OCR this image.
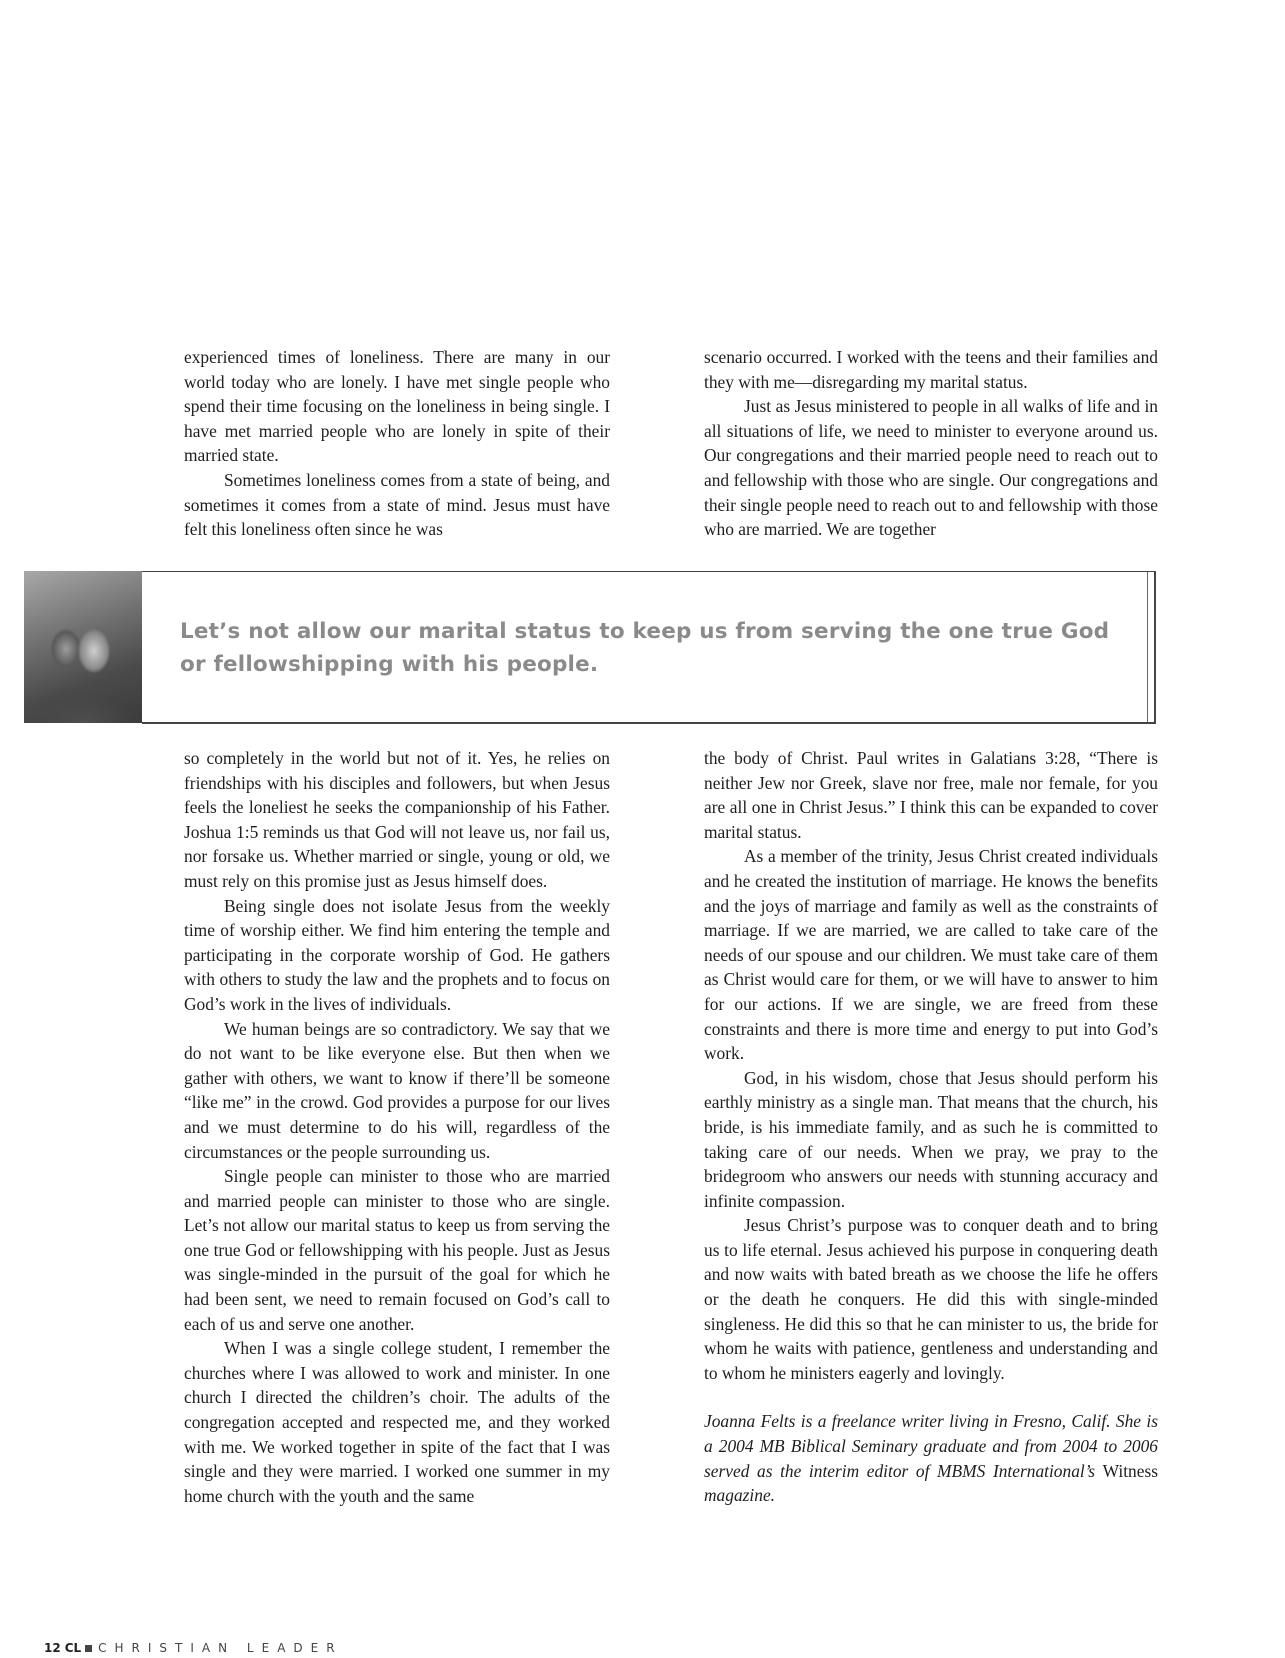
experienced times of loneliness. There are many in our world today who are lonely. I have met single people who spend their time focusing on the loneliness in being single. I have met married people who are lonely in spite of their married state.

Sometimes loneliness comes from a state of being, and sometimes it comes from a state of mind. Jesus must have felt this loneliness often since he was

scenario occurred. I worked with the teens and their families and they with me—disregarding my marital status.

Just as Jesus ministered to people in all walks of life and in all situations of life, we need to minister to everyone around us. Our congregations and their married people need to reach out to and fellowship with those who are single. Our congregations and their single people need to reach out to and fellowship with those who are married. We are together

Let’s not allow our marital status to keep us from serving the one true God or fellowshipping with his people.

so completely in the world but not of it. Yes, he relies on friendships with his disciples and followers, but when Jesus feels the loneliest he seeks the companionship of his Father. Joshua 1:5 reminds us that God will not leave us, nor fail us, nor forsake us. Whether married or single, young or old, we must rely on this promise just as Jesus himself does.

Being single does not isolate Jesus from the weekly time of worship either. We find him entering the temple and participating in the corporate worship of God. He gathers with others to study the law and the prophets and to focus on God’s work in the lives of individuals.

We human beings are so contradictory. We say that we do not want to be like everyone else. But then when we gather with others, we want to know if there’ll be someone “like me” in the crowd. God provides a purpose for our lives and we must determine to do his will, regardless of the circumstances or the people surrounding us.

Single people can minister to those who are married and married people can minister to those who are single. Let’s not allow our marital status to keep us from serving the one true God or fellowshipping with his people. Just as Jesus was single-minded in the pursuit of the goal for which he had been sent, we need to remain focused on God’s call to each of us and serve one another.

When I was a single college student, I remember the churches where I was allowed to work and minister. In one church I directed the children’s choir. The adults of the congregation accepted and respected me, and they worked with me. We worked together in spite of the fact that I was single and they were married. I worked one summer in my home church with the youth and the same

the body of Christ. Paul writes in Galatians 3:28, “There is neither Jew nor Greek, slave nor free, male nor female, for you are all one in Christ Jesus.” I think this can be expanded to cover marital status.

As a member of the trinity, Jesus Christ created individuals and he created the institution of marriage. He knows the benefits and the joys of marriage and family as well as the constraints of marriage. If we are married, we are called to take care of the needs of our spouse and our children. We must take care of them as Christ would care for them, or we will have to answer to him for our actions. If we are single, we are freed from these constraints and there is more time and energy to put into God’s work.

God, in his wisdom, chose that Jesus should perform his earthly ministry as a single man. That means that the church, his bride, is his immediate family, and as such he is committed to taking care of our needs. When we pray, we pray to the bridegroom who answers our needs with stunning accuracy and infinite compassion.

Jesus Christ’s purpose was to conquer death and to bring us to life eternal. Jesus achieved his purpose in conquering death and now waits with bated breath as we choose the life he offers or the death he conquers. He did this with single-minded singleness. He did this so that he can minister to us, the bride for whom he waits with patience, gentleness and understanding and to whom he ministers eagerly and lovingly.

Joanna Felts is a freelance writer living in Fresno, Calif. She is a 2004 MB Biblical Seminary graduate and from 2004 to 2006 served as the interim editor of MBMS International’s Witness magazine.

12 CL CHRISTIAN LEADER
